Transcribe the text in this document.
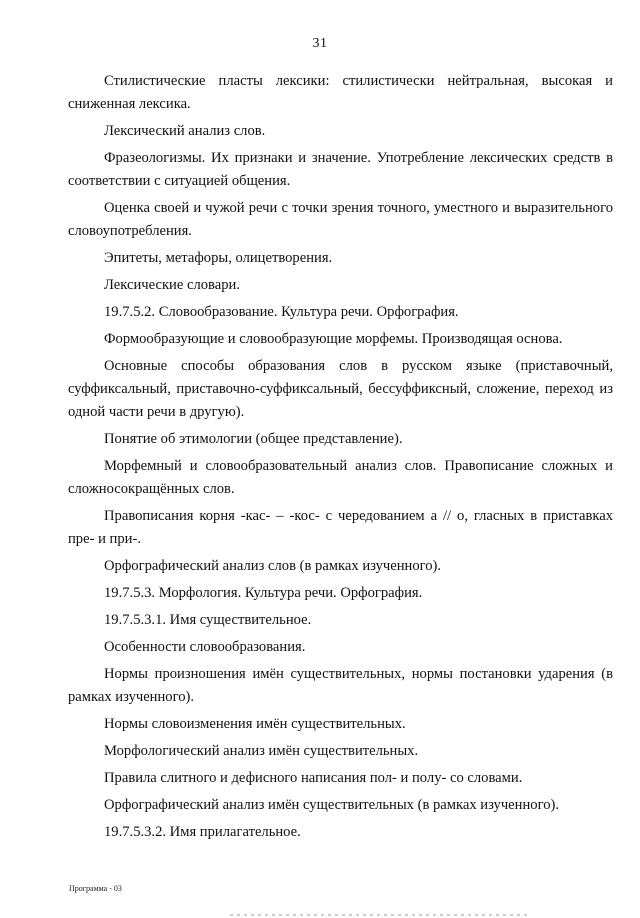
31

Стилистические пласты лексики: стилистически нейтральная, высокая и сниженная лексика.

Лексический анализ слов.

Фразеологизмы. Их признаки и значение. Употребление лексических средств в соответствии с ситуацией общения.

Оценка своей и чужой речи с точки зрения точного, уместного и выразительного словоупотребления.

Эпитеты, метафоры, олицетворения.

Лексические словари.

19.7.5.2. Словообразование. Культура речи. Орфография.

Формообразующие и словообразующие морфемы. Производящая основа.

Основные способы образования слов в русском языке (приставочный, суффиксальный, приставочно-суффиксальный, бессуффиксный, сложение, переход из одной части речи в другую).

Понятие об этимологии (общее представление).

Морфемный и словообразовательный анализ слов. Правописание сложных и сложносокращённых слов.

Правописания корня -кас- – -кос- с чередованием а // о, гласных в приставках пре- и при-.

Орфографический анализ слов (в рамках изученного).

19.7.5.3. Морфология. Культура речи. Орфография.

19.7.5.3.1. Имя существительное.

Особенности словообразования.

Нормы произношения имён существительных, нормы постановки ударения (в рамках изученного).

Нормы словоизменения имён существительных.

Морфологический анализ имён существительных.

Правила слитного и дефисного написания пол- и полу- со словами.

Орфографический анализ имён существительных (в рамках изученного).

19.7.5.3.2. Имя прилагательное.

Программа - 03
